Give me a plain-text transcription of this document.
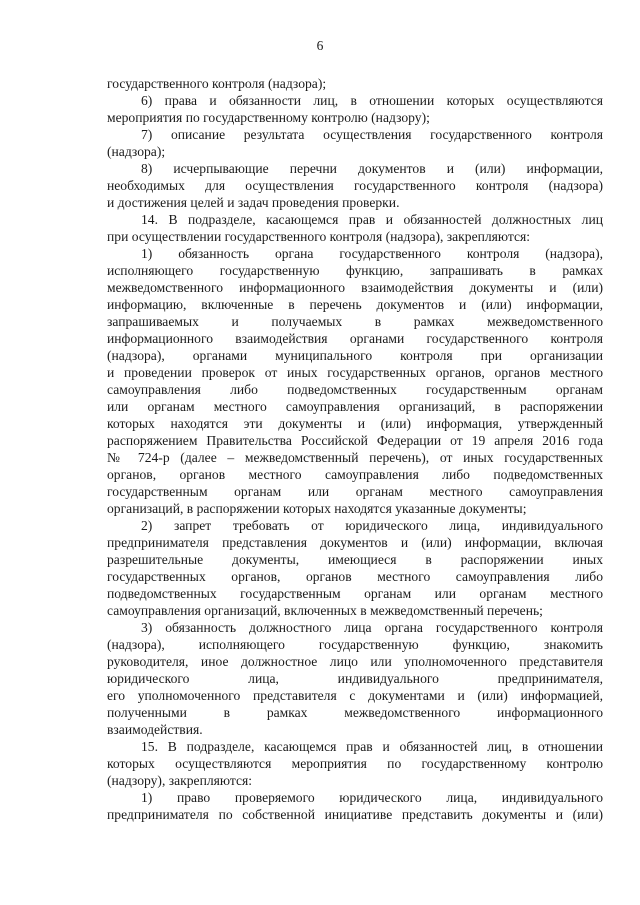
6
государственного контроля (надзора);
6) права и обязанности лиц, в отношении которых осуществляются
мероприятия по государственному контролю (надзору);
7) описание результата осуществления государственного контроля
(надзора);
8) исчерпывающие перечни документов и (или) информации,
необходимых для осуществления государственного контроля (надзора)
и достижения целей и задач проведения проверки.
14. В подразделе, касающемся прав и обязанностей должностных лиц
при осуществлении государственного контроля (надзора), закрепляются:
1) обязанность органа государственного контроля (надзора),
исполняющего государственную функцию, запрашивать в рамках
межведомственного информационного взаимодействия документы и (или)
информацию, включенные в перечень документов и (или) информации,
запрашиваемых и получаемых в рамках межведомственного
информационного взаимодействия органами государственного контроля
(надзора), органами муниципального контроля при организации
и проведении проверок от иных государственных органов, органов местного
самоуправления либо подведомственных государственным органам
или органам местного самоуправления организаций, в распоряжении
которых находятся эти документы и (или) информация, утвержденный
распоряжением Правительства Российской Федерации от 19 апреля 2016 года
№ 724-р (далее – межведомственный перечень), от иных государственных
органов, органов местного самоуправления либо подведомственных
государственным органам или органам местного самоуправления
организаций, в распоряжении которых находятся указанные документы;
2) запрет требовать от юридического лица, индивидуального
предпринимателя представления документов и (или) информации, включая
разрешительные документы, имеющиеся в распоряжении иных
государственных органов, органов местного самоуправления либо
подведомственных государственным органам или органам местного
самоуправления организаций, включенных в межведомственный перечень;
3) обязанность должностного лица органа государственного контроля
(надзора), исполняющего государственную функцию, знакомить
руководителя, иное должностное лицо или уполномоченного представителя
юридического лица, индивидуального предпринимателя,
его уполномоченного представителя с документами и (или) информацией,
полученными в рамках межведомственного информационного
взаимодействия.
15. В подразделе, касающемся прав и обязанностей лиц, в отношении
которых осуществляются мероприятия по государственному контролю
(надзору), закрепляются:
1) право проверяемого юридического лица, индивидуального
предпринимателя по собственной инициативе представить документы и (или)
